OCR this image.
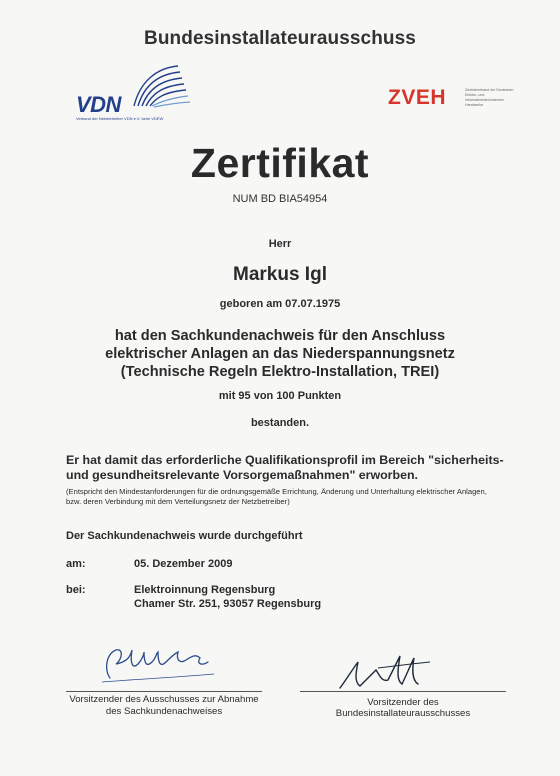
Bundesinstallateurausschuss
VDN
Verband der Netzbetreiber VDN e.V. beim VDEW
ZVEH	Zentralverband der Deutschen Elektro- und Informationstechnischen Handwerke
Zertifikat
NUM BD BIA54954
Herr
Markus Igl
geboren am 07.07.1975
hat den Sachkundenachweis für den Anschluss
elektrischer Anlagen an das Niederspannungsnetz
(Technische Regeln Elektro-Installation, TREI)
mit 95 von 100 Punkten
bestanden.
Er hat damit das erforderliche Qualifikationsprofil im Bereich "sicherheits-
und gesundheitsrelevante Vorsorgemaßnahmen" erworben.
(Entspricht den Mindestanforderungen für die ordnungsgemäße Errichtung, Änderung und Unterhaltung elektrischer Anlagen,
bzw. deren Verbindung mit dem Verteilungsnetz der Netzbetreiber)
Der Sachkundenachweis wurde durchgeführt
am:	05. Dezember 2009
bei:	Elektroinnung Regensburg
Chamer Str. 251, 93057 Regensburg
Vorsitzender des Ausschusses zur Abnahme
des Sachkundenachweises
Vorsitzender des Bundesinstallateurausschusses
